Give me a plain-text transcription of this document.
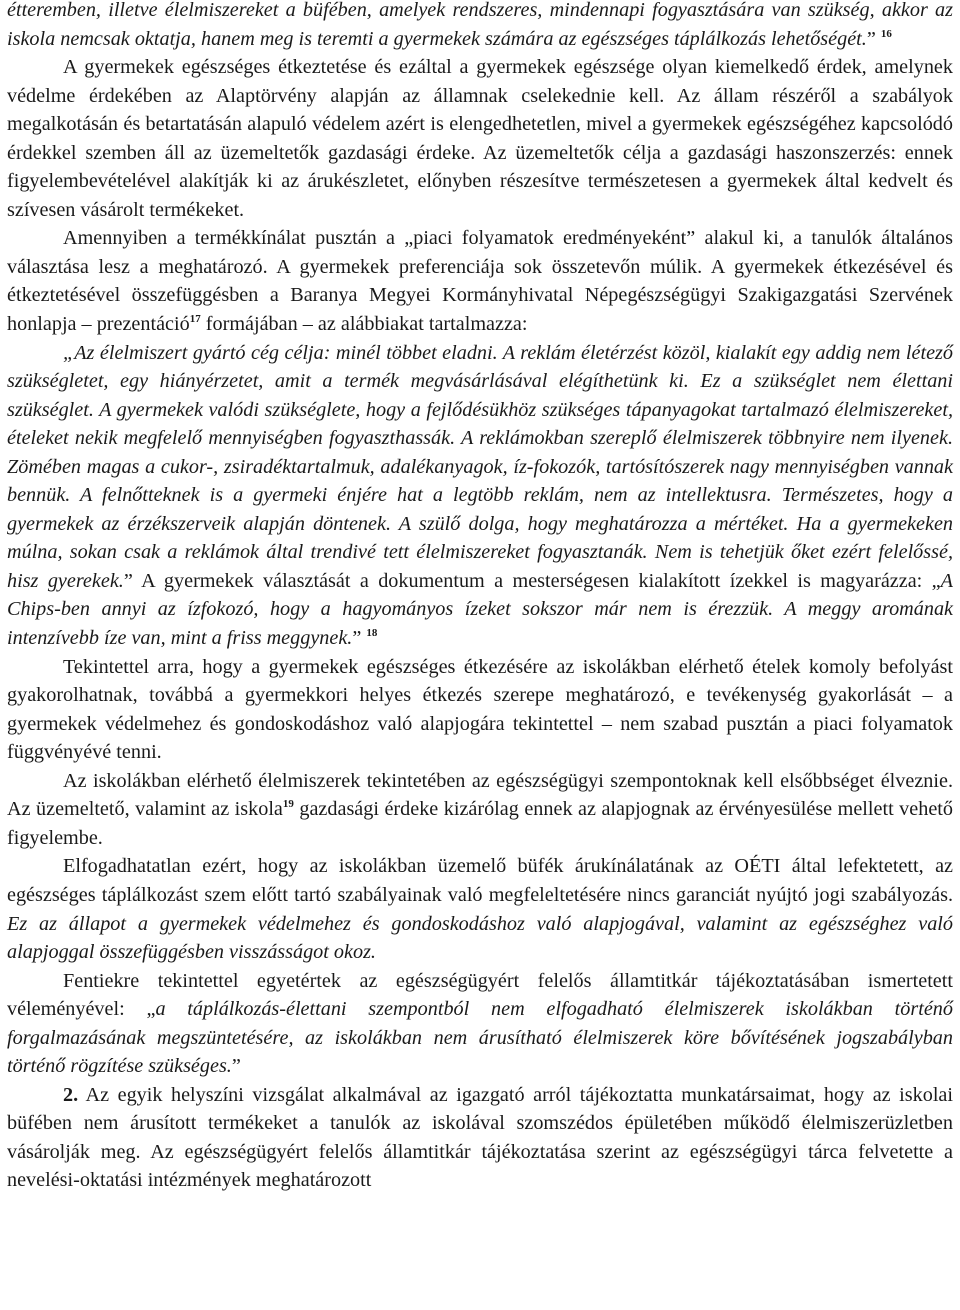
étteremben, illetve élelmiszereket a büfében, amelyek rendszeres, mindennapi fogyasztására van szükség, akkor az iskola nemcsak oktatja, hanem meg is teremti a gyermekek számára az egészséges táplálkozás lehetőségét.” $^{16}$

A gyermekek egészséges étkeztetése és ezáltal a gyermekek egészsége olyan kiemelkedő érdek, amelynek védelme érdekében az Alaptörvény alapján az államnak cselekednie kell. Az állam részéről a szabályok megalkotásán és betartatásán alapuló védelem azért is elengedhetetlen, mivel a gyermekek egészségéhez kapcsolódó érdekkel szemben áll az üzemeltetők gazdasági érdeke. Az üzemeltetők célja a gazdasági haszonszerzés: ennek figyelembevételével alakítják ki az árukészletet, előnyben részesítve természetesen a gyermekek által kedvelt és szívesen vásárolt termékeket.

Amennyiben a termékkínálat pusztán a „piaci folyamatok eredményeként” alakul ki, a tanulók általános választása lesz a meghatározó. A gyermekek preferenciája sok összetevőn múlik. A gyermekek étkezésével és étkeztetésével összefüggésben a Baranya Megyei Kormányhivatal Népegészségügyi Szakigazgatási Szervének honlapja – prezentáció$^{17}$ formájában – az alábbiakat tartalmazza:

„Az élelmiszert gyártó cég célja: minél többet eladni. A reklám életérzést közöl, kialakít egy addig nem létező szükségletet, egy hiányérzetet, amit a termék megvásárlásával elégíthetünk ki. Ez a szükséglet nem élettani szükséglet. A gyermekek valódi szükséglete, hogy a fejlődésükhöz szükséges tápanyagokat tartalmazó élelmiszereket, ételeket nekik megfelelő mennyiségben fogyaszthassák. A reklámokban szereplő élelmiszerek többnyire nem ilyenek. Zömében magas a cukor-, zsiradéktartalmuk, adalékanyagok, íz-fokozók, tartósítószerek nagy mennyiségben vannak bennük. A felnőtteknek is a gyermeki énjére hat a legtöbb reklám, nem az intellektusra. Természetes, hogy a gyermekek az érzékszerveik alapján döntenek. A szülő dolga, hogy meghatározza a mértéket. Ha a gyermekeken múlna, sokan csak a reklámok által trendivé tett élelmiszereket fogyasztanák. Nem is tehetjük őket ezért felelőssé, hisz gyerekek.” A gyermekek választását a dokumentum a mesterségesen kialakított ízekkel is magyarázza: „A Chips-ben annyi az ízfokozó, hogy a hagyományos ízeket sokszor már nem is érezzük. A meggy aromának intenzívebb íze van, mint a friss meggynek.” $^{18}$

Tekintettel arra, hogy a gyermekek egészséges étkezésére az iskolákban elérhető ételek komoly befolyást gyakorolhatnak, továbbá a gyermekkori helyes étkezés szerepe meghatározó, e tevékenység gyakorlását – a gyermekek védelmehez és gondoskodáshoz való alapjogára tekintettel – nem szabad pusztán a piaci folyamatok függvényévé tenni.

Az iskolákban elérhető élelmiszerek tekintetében az egészségügyi szempontoknak kell elsőbbséget élveznie. Az üzemeltető, valamint az iskola$^{19}$ gazdasági érdeke kizárólag ennek az alapjognak az érvényesülése mellett vehető figyelembe.

Elfogadhatatlan ezért, hogy az iskolákban üzemelő büfék árukínálatának az OÉTI által lefektetett, az egészséges táplálkozást szem előtt tartó szabályainak való megfeleltetésére nincs garanciát nyújtó jogi szabályozás. Ez az állapot a gyermekek védelmehez és gondoskodáshoz való alapjogával, valamint az egészséghez való alapjoggal összefüggésben visszásságot okoz.

Fentiekre tekintettel egyetértek az egészségügyért felelős államtitkár tájékoztatásában ismertetett véleményével: „a táplálkozás-élettani szempontból nem elfogadható élelmiszerek iskolákban történő forgalmazásának megszüntetésére, az iskolákban nem árusítható élelmiszerek köre bővítésének jogszabályban történő rögzítése szükséges.”

2. Az egyik helyszíni vizsgálat alkalmával az igazgató arról tájékoztatta munkatársaimat, hogy az iskolai büfében nem árusított termékeket a tanulók az iskolával szomszédos épületében működő élelmiszerüzletben vásárolják meg. Az egészségügyért felelős államtitkár tájékoztatása szerint az egészségügyi tárca felvetette a nevelési-oktatási intézmények meghatározott
